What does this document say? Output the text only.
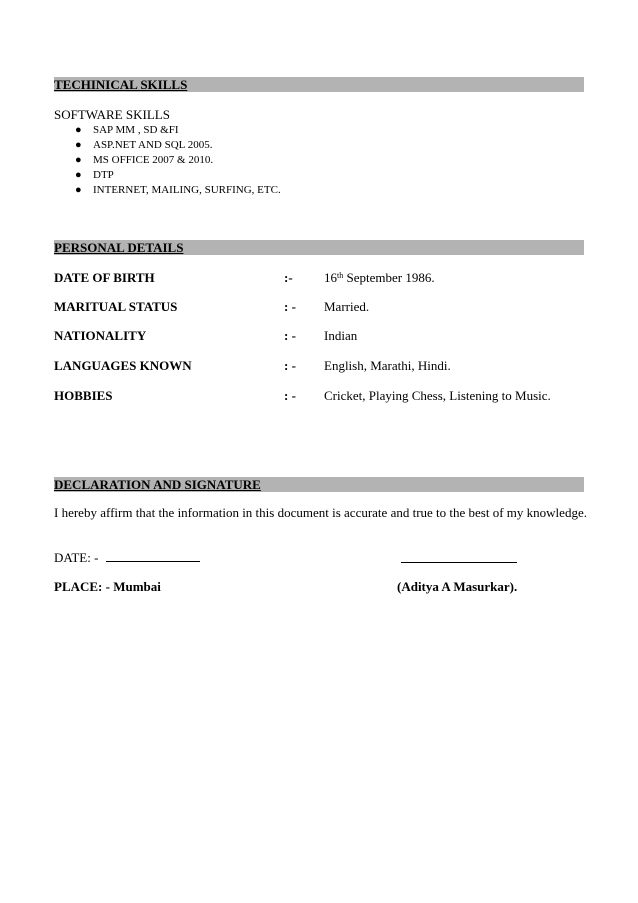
TECHINICAL SKILLS
SOFTWARE SKILLS
● SAP MM , SD &FI
● ASP.NET AND SQL 2005.
● MS OFFICE 2007 & 2010.
● DTP
● INTERNET, MAILING, SURFING, ETC.
PERSONAL DETAILS
DATE OF BIRTH	:- 16th September 1986.
MARITUAL STATUS	: - Married.
NATIONALITY	: - Indian
LANGUAGES KNOWN	: - English, Marathi, Hindi.
HOBBIES	: - Cricket, Playing Chess, Listening to Music.
DECLARATION AND SIGNATURE
I hereby affirm that the information in this document is accurate and true to the best of my knowledge.
DATE: -
PLACE: - Mumbai	(Aditya A Masurkar).
